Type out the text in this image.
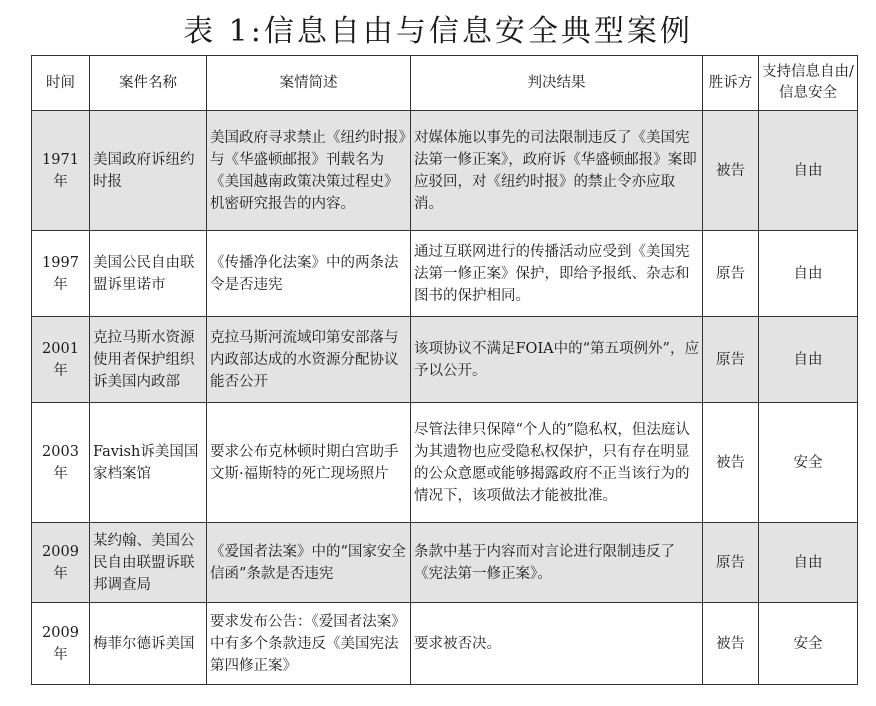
表 1:信息自由与信息安全典型案例
时间	案件名称	案情简述	判决结果	胜诉方	支持信息自由/信息安全
1971年	美国政府诉纽约时报	美国政府寻求禁止《纽约时报》与《华盛顿邮报》刊载名为《美国越南政策决策过程史》机密研究报告的内容。	对媒体施以事先的司法限制违反了《美国宪法第一修正案》，政府诉《华盛顿邮报》案即应驳回，对《纽约时报》的禁止令亦应取消。	被告	自由
1997年	美国公民自由联盟诉里诺市	《传播净化法案》中的两条法令是否违宪	通过互联网进行的传播活动应受到《美国宪法第一修正案》保护，即给予报纸、杂志和图书的保护相同。	原告	自由
2001年	克拉马斯水资源使用者保护组织诉美国内政部	克拉马斯河流域印第安部落与内政部达成的水资源分配协议能否公开	该项协议不满足FOIA中的“第五项例外”，应予以公开。	原告	自由
2003年	Favish诉美国国家档案馆	要求公布克林顿时期白宫助手文斯·福斯特的死亡现场照片	尽管法律只保障“个人的”隐私权，但法庭认为其遗物也应受隐私权保护，只有存在明显的公众意愿或能够揭露政府不正当该行为的情况下，该项做法才能被批准。	被告	安全
2009年	某约翰、美国公民自由联盟诉联邦调查局	《爱国者法案》中的“国家安全信函”条款是否违宪	条款中基于内容而对言论进行限制违反了《宪法第一修正案》。	原告	自由
2009年	梅菲尔德诉美国	要求发布公告：《爱国者法案》中有多个条款违反《美国宪法第四修正案》	要求被否决。	被告	安全
